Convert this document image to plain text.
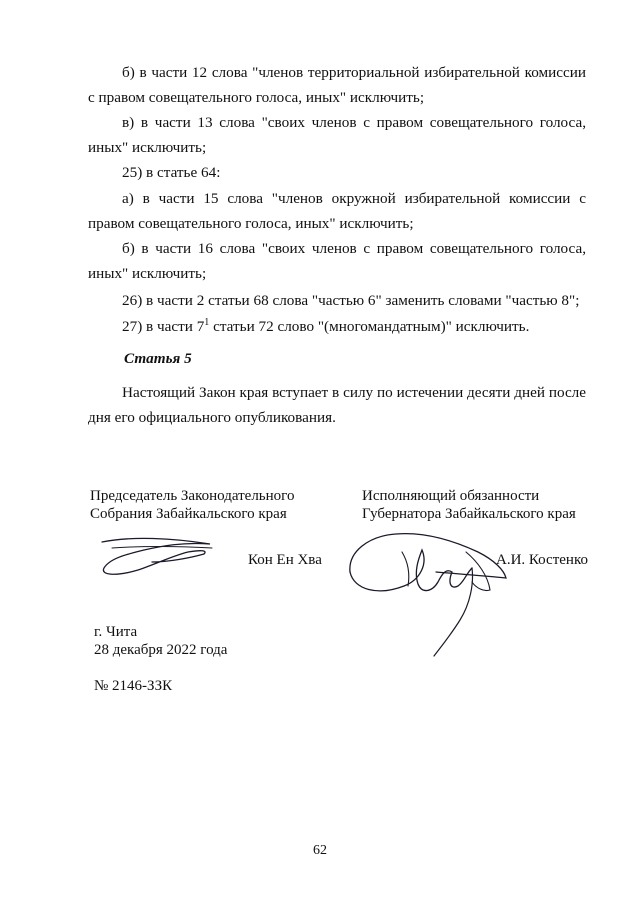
б) в части 12 слова "членов территориальной избирательной комиссии с правом совещательного голоса, иных" исключить;

в) в части 13 слова "своих членов с правом совещательного голоса, иных" исключить;

25) в статье 64:

а) в части 15 слова "членов окружной избирательной комиссии с правом совещательного голоса, иных" исключить;

б) в части 16 слова "своих членов с правом совещательного голоса, иных" исключить;

26) в части 2 статьи 68 слова "частью 6" заменить словами "частью 8";

27) в части $7^1$ статьи 72 слово "(многомандатным)" исключить.

Статья 5

Настоящий Закон края вступает в силу по истечении десяти дней после дня его официального опубликования.

Председатель Законодательного

Собрания Забайкальского края

Кон Ен Хва

Исполняющий обязанности

Губернатора Забайкальского края

А.И. Костенко

г. Чита

28 декабря 2022 года

№ 2146-ЗЗК

62
